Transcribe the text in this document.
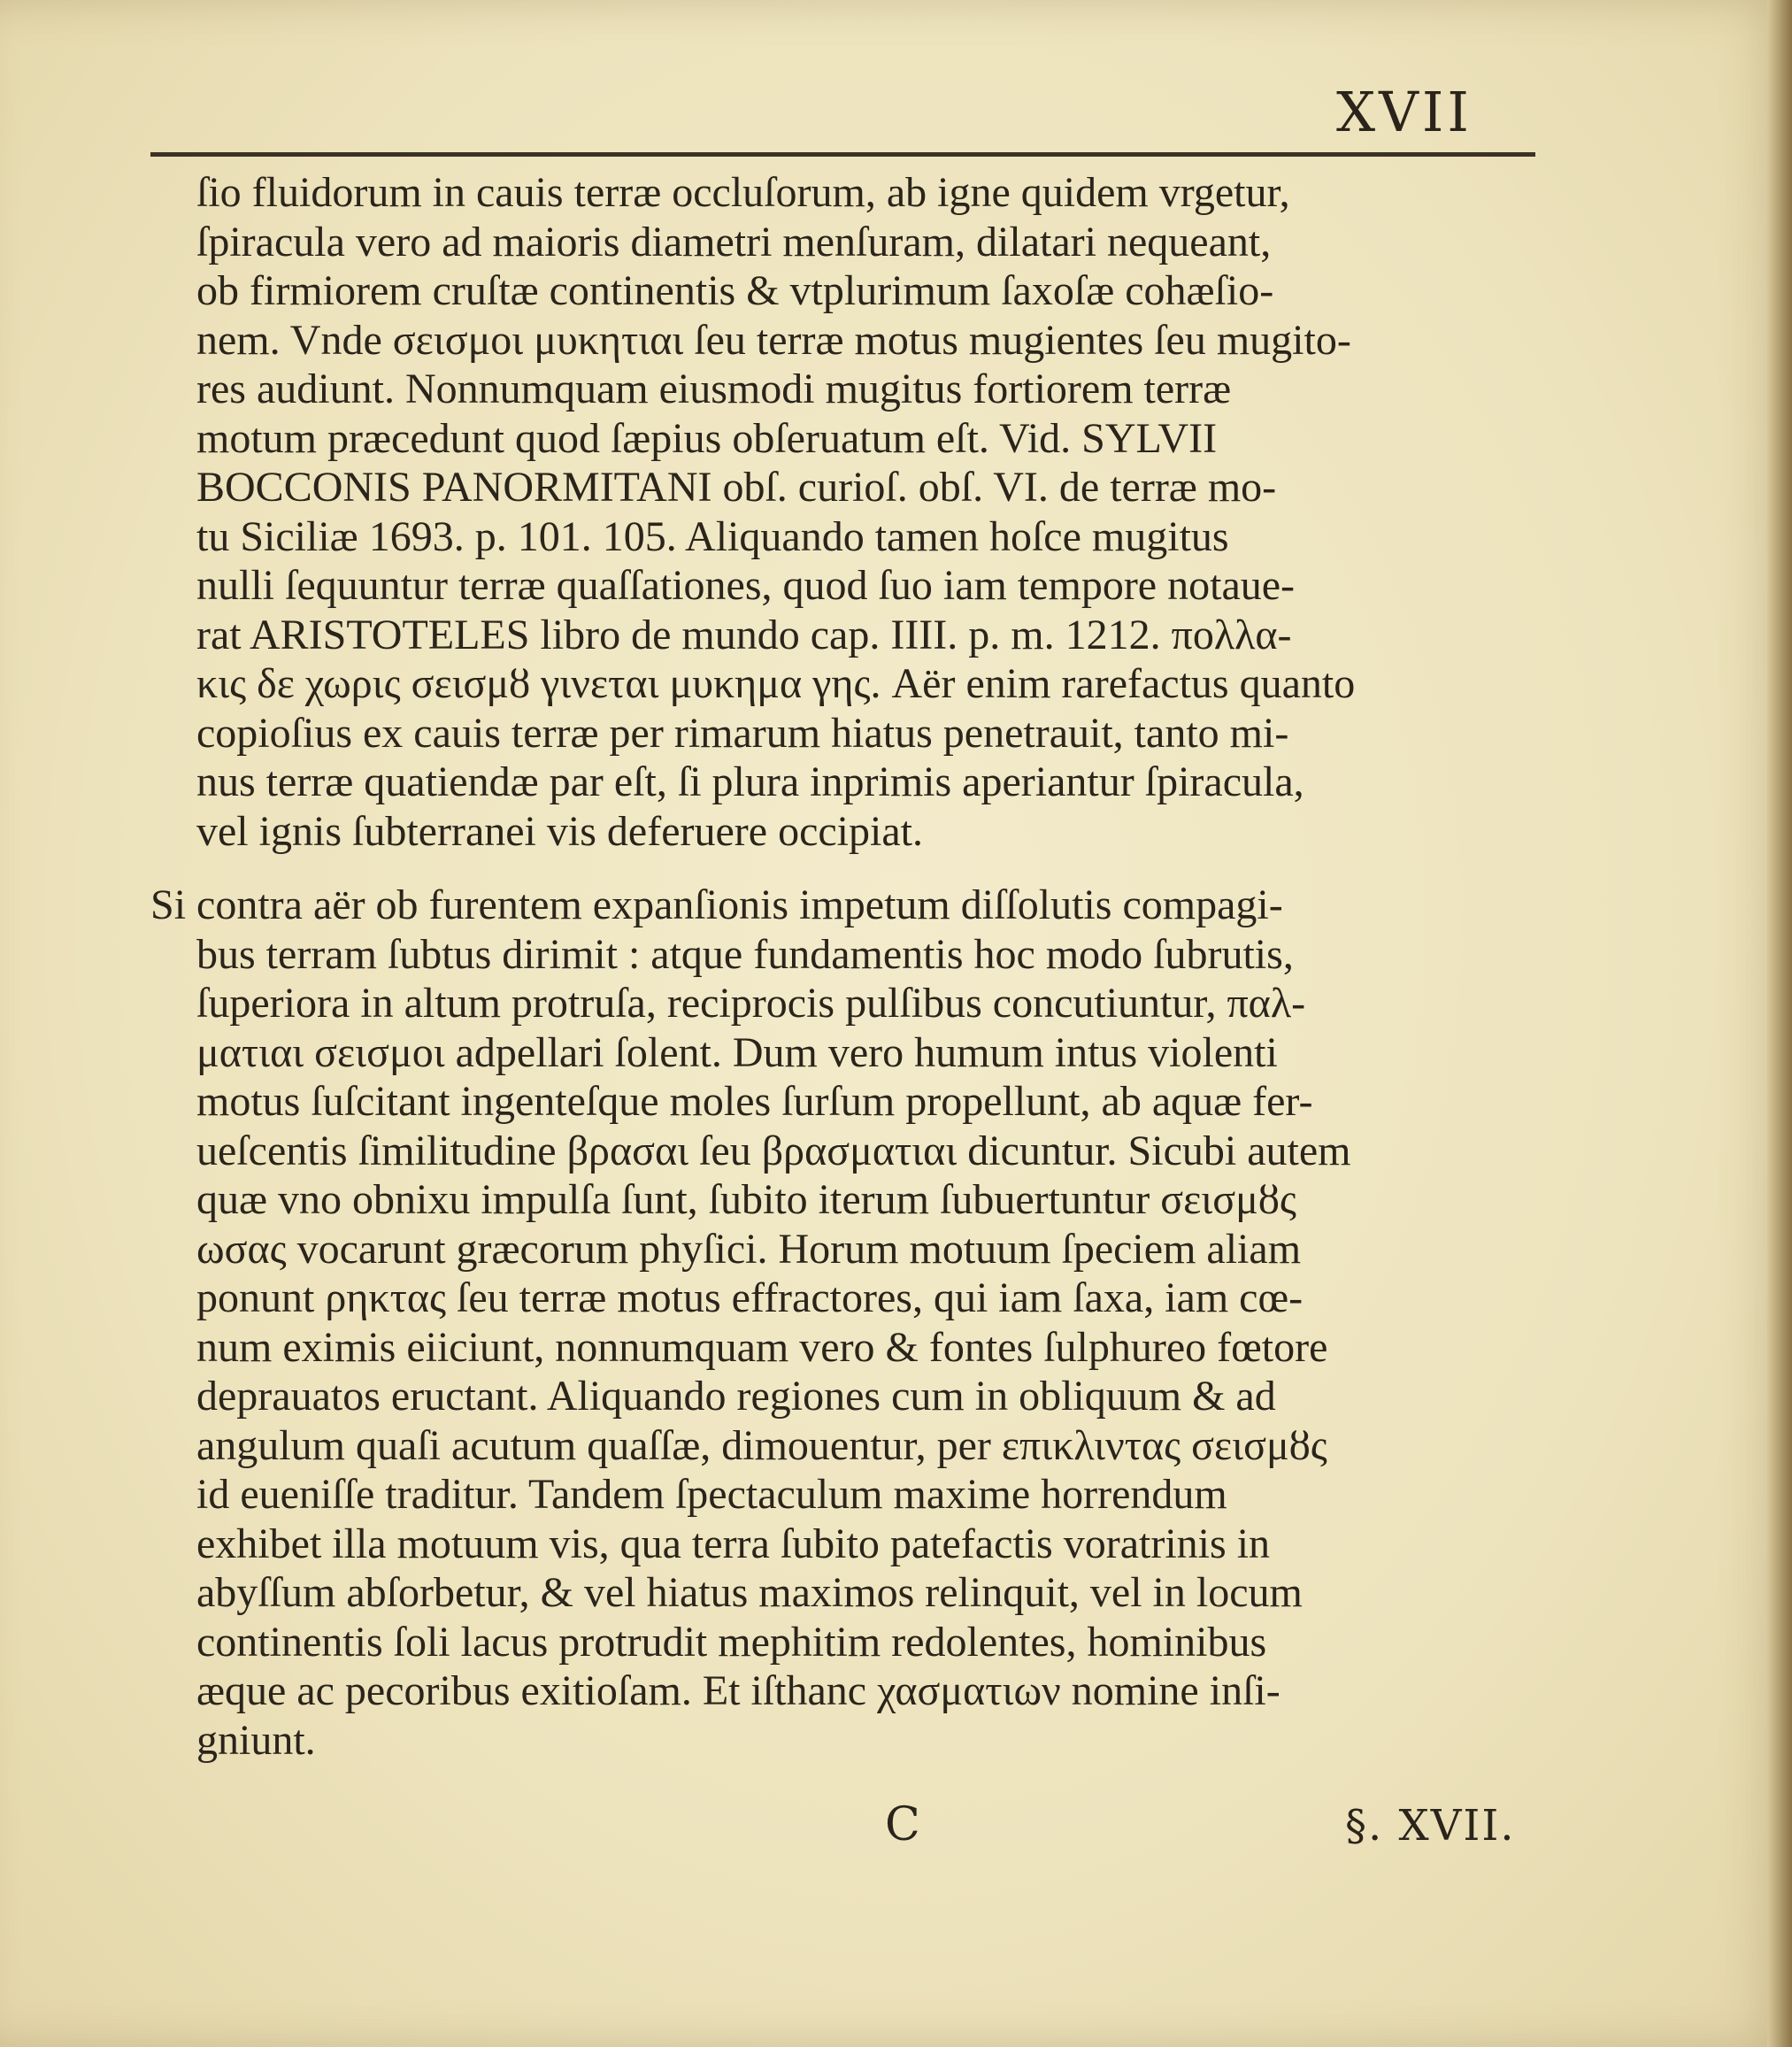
XVII
ſio fluidorum in cauis terræ occluſorum, ab igne quidem vrgetur,
ſpiracula vero ad maioris diametri menſuram, dilatari nequeant,
ob firmiorem cruſtæ continentis & vtplurimum ſaxoſæ cohæſio-
nem. Vnde σεισμοι μυκητιαι ſeu terræ motus mugientes ſeu mugito-
res audiunt. Nonnumquam eiusmodi mugitus fortiorem terræ
motum præcedunt quod ſæpius obſeruatum eſt. Vid. SYLVII
BOCCONIS PANORMITANI obſ. curioſ. obſ. VI. de terræ mo-
tu Siciliæ 1693. p. 101. 105. Aliquando tamen hoſce mugitus
nulli ſequuntur terræ quaſſationes, quod ſuo iam tempore notaue-
rat ARISTOTELES libro de mundo cap. IIII. p. m. 1212. πολλα-
κις δε χωρις σεισμȣ γινεται μυκημα γης. Aër enim rarefactus quanto
copioſius ex cauis terræ per rimarum hiatus penetrauit, tanto mi-
nus terræ quatiendæ par eſt, ſi plura inprimis aperiantur ſpiracula,
vel ignis ſubterranei vis deferuere occipiat.
Si contra aër ob furentem expanſionis impetum diſſolutis compagi-
bus terram ſubtus dirimit : atque fundamentis hoc modo ſubrutis,
ſuperiora in altum protruſa, reciprocis pulſibus concutiuntur, παλ-
ματιαι σεισμοι adpellari ſolent. Dum vero humum intus violenti
motus ſuſcitant ingenteſque moles ſurſum propellunt, ab aquæ fer-
ueſcentis ſimilitudine βρασαι ſeu βρασματιαι dicuntur. Sicubi autem
quæ vno obnixu impulſa ſunt, ſubito iterum ſubuertuntur σεισμȣς
ωσας vocarunt græcorum phyſici. Horum motuum ſpeciem aliam
ponunt ρηκτας ſeu terræ motus effractores, qui iam ſaxa, iam cœ-
num eximis eiiciunt, nonnumquam vero & fontes ſulphureo fœtore
deprauatos eructant. Aliquando regiones cum in obliquum & ad
angulum quaſi acutum quaſſæ, dimouentur, per επικλιντας σεισμȣς
id eueniſſe traditur. Tandem ſpectaculum maxime horrendum
exhibet illa motuum vis, qua terra ſubito patefactis voratrinis in
abyſſum abſorbetur, & vel hiatus maximos relinquit, vel in locum
continentis ſoli lacus protrudit mephitim redolentes, hominibus
æque ac pecoribus exitioſam. Et iſthanc χασματιων nomine inſi-
gniunt.
C	§. XVII.
